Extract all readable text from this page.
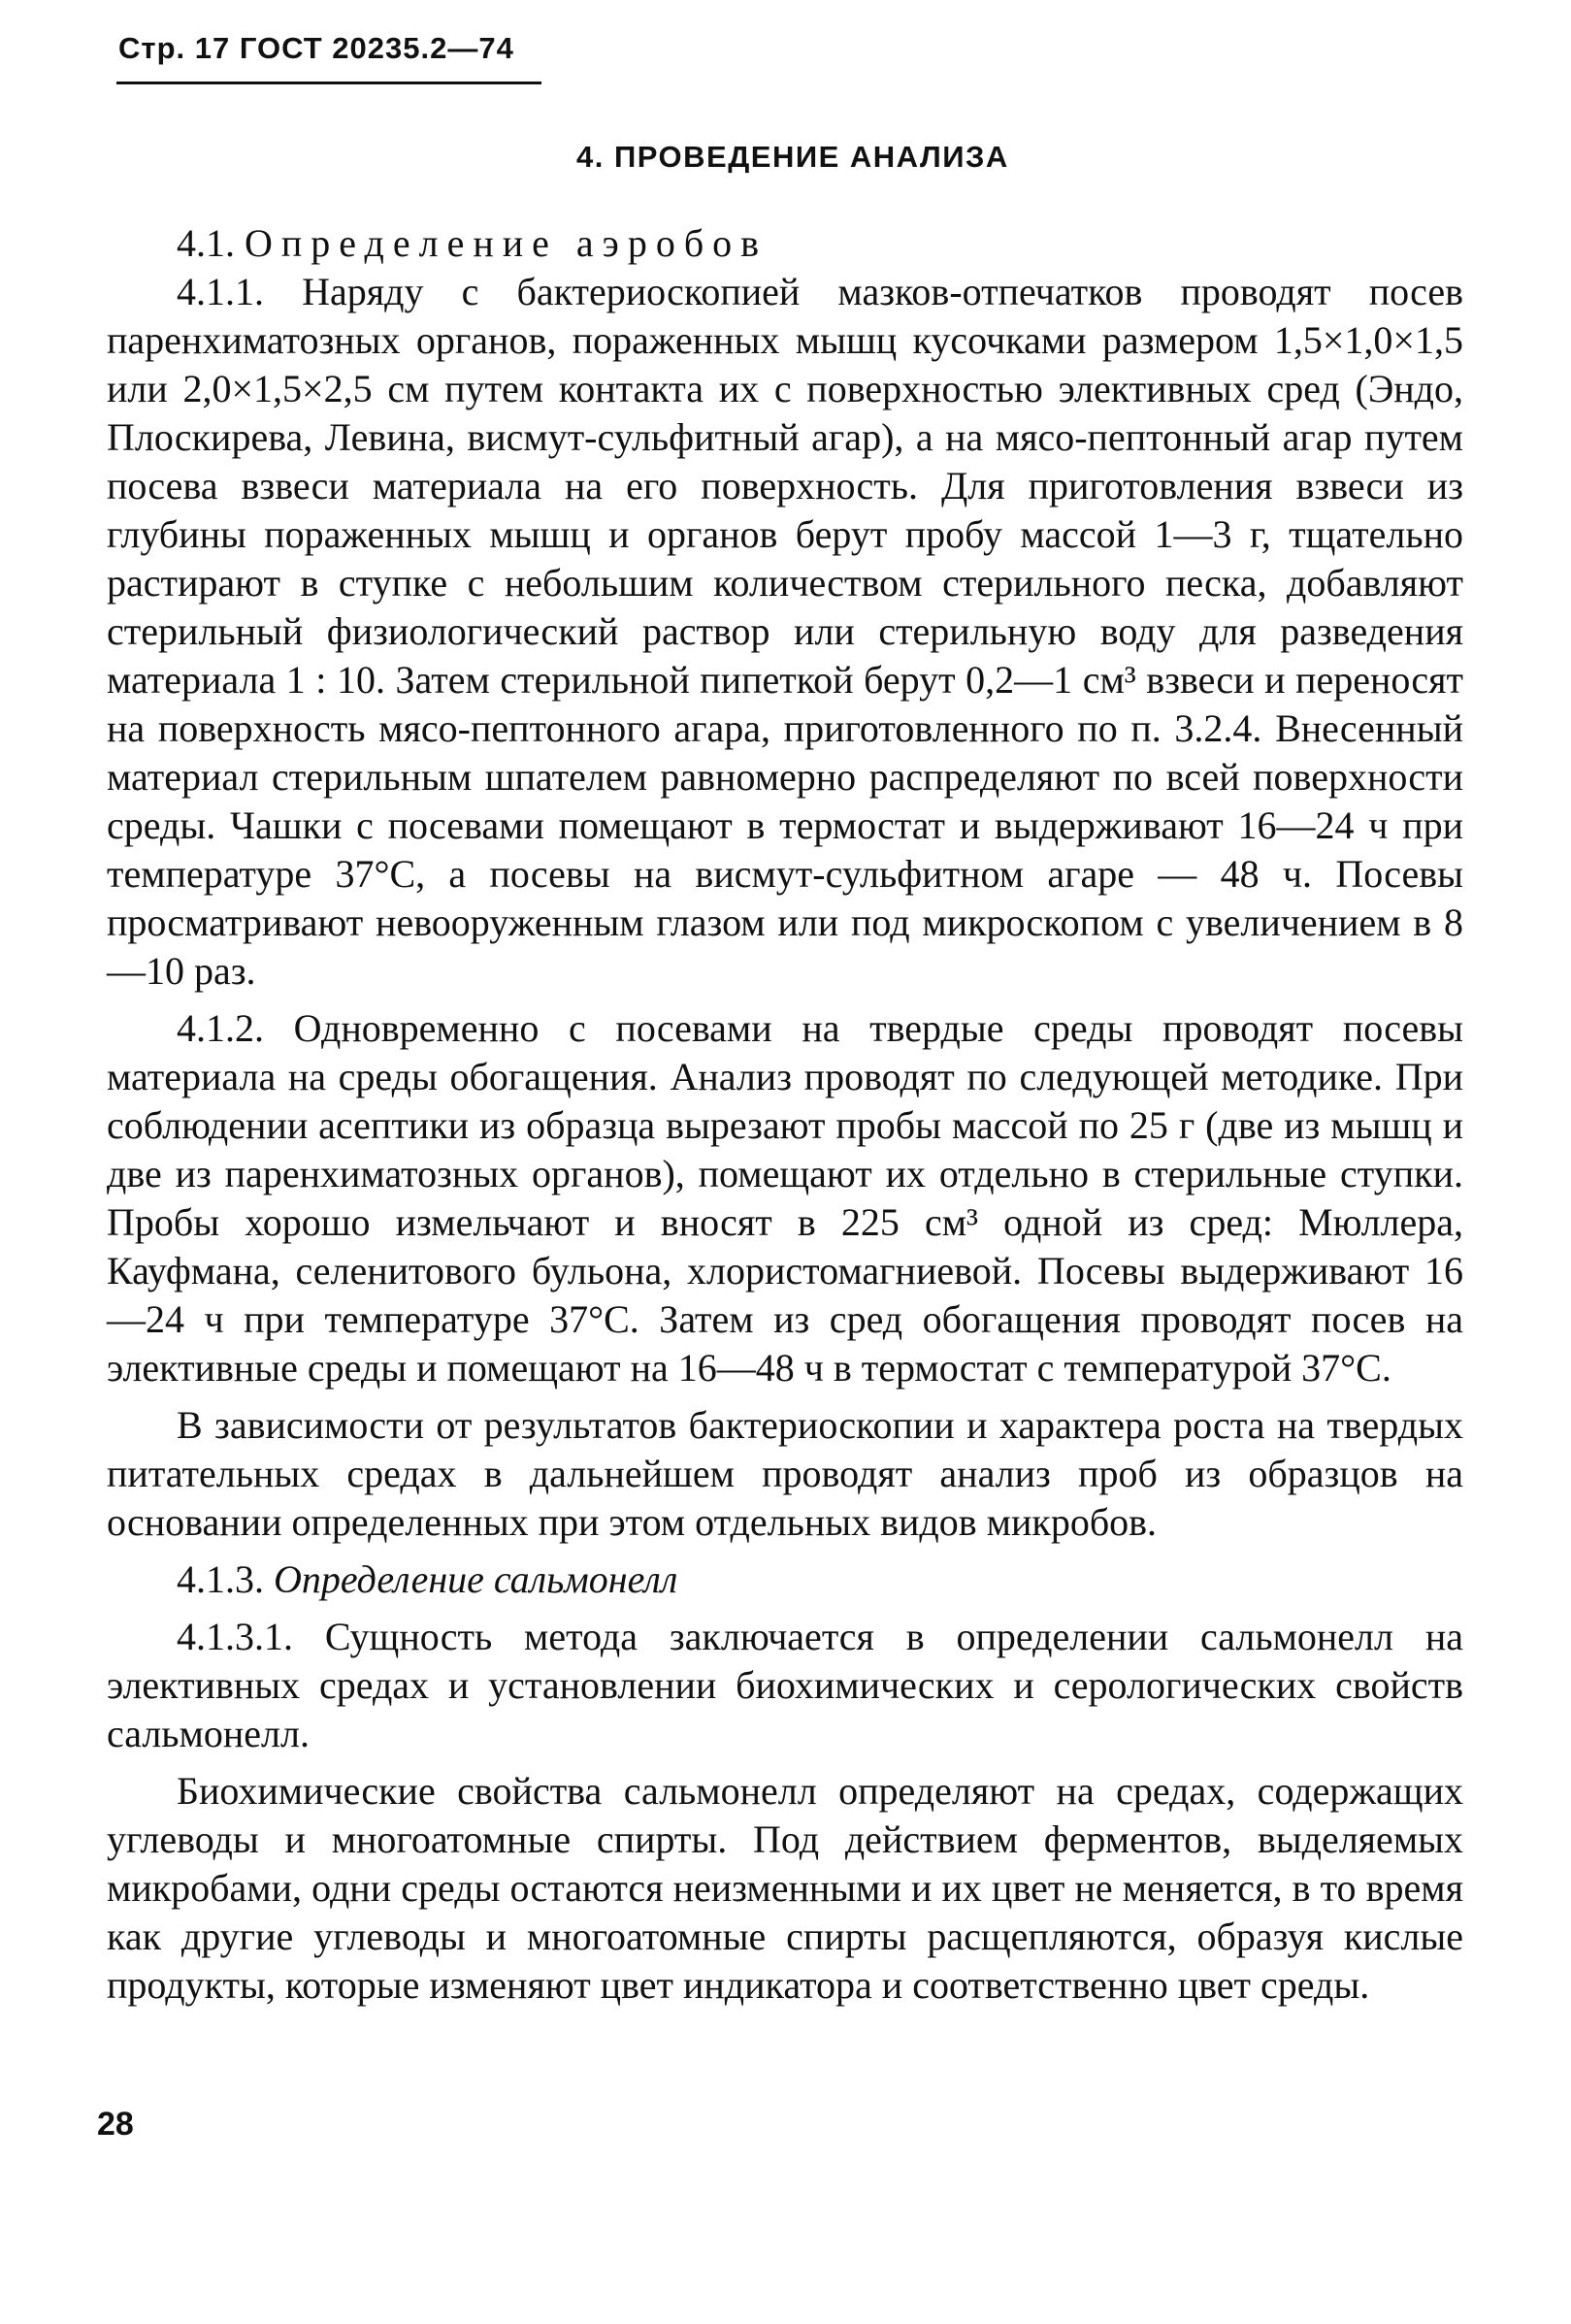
Стр. 17 ГОСТ 20235.2—74
4. ПРОВЕДЕНИЕ АНАЛИЗА

4.1. Определение аэробов

4.1.1. Наряду с бактериоскопией мазков-отпечатков проводят посев паренхиматозных органов, пораженных мышц кусочками размером 1,5×1,0×1,5 или 2,0×1,5×2,5 см путем контакта их с поверхностью элективных сред (Эндо, Плоскирева, Левина, висмут-сульфитный агар), а на мясо-пептонный агар путем посева взвеси материала на его поверхность. Для приготовления взвеси из глубины пораженных мышц и органов берут пробу массой 1—3 г, тщательно растирают в ступке с небольшим количеством стерильного песка, добавляют стерильный физиологический раствор или стерильную воду для разведения материала 1 : 10. Затем стерильной пипеткой берут 0,2—1 см³ взвеси и переносят на поверхность мясо-пептонного агара, приготовленного по п. 3.2.4. Внесенный материал стерильным шпателем равномерно распределяют по всей поверхности среды. Чашки с посевами помещают в термостат и выдерживают 16—24 ч при температуре 37°С, а посевы на висмут-сульфитном агаре — 48 ч. Посевы просматривают невооруженным глазом или под микроскопом с увеличением в 8—10 раз.

4.1.2. Одновременно с посевами на твердые среды проводят посевы материала на среды обогащения. Анализ проводят по следующей методике. При соблюдении асептики из образца вырезают пробы массой по 25 г (две из мышц и две из паренхиматозных органов), помещают их отдельно в стерильные ступки. Пробы хорошо измельчают и вносят в 225 см³ одной из сред: Мюллера, Кауфмана, селенитового бульона, хлористомагниевой. Посевы выдерживают 16—24 ч при температуре 37°С. Затем из сред обогащения проводят посев на элективные среды и помещают на 16—48 ч в термостат с температурой 37°С.

В зависимости от результатов бактериоскопии и характера роста на твердых питательных средах в дальнейшем проводят анализ проб из образцов на основании определенных при этом отдельных видов микробов.

4.1.3. Определение сальмонелл

4.1.3.1. Сущность метода заключается в определении сальмонелл на элективных средах и установлении биохимических и серологических свойств сальмонелл.

Биохимические свойства сальмонелл определяют на средах, содержащих углеводы и многоатомные спирты. Под действием ферментов, выделяемых микробами, одни среды остаются неизменными и их цвет не меняется, в то время как другие углеводы и многоатомные спирты расщепляются, образуя кислые продукты, которые изменяют цвет индикатора и соответственно цвет среды.

28
